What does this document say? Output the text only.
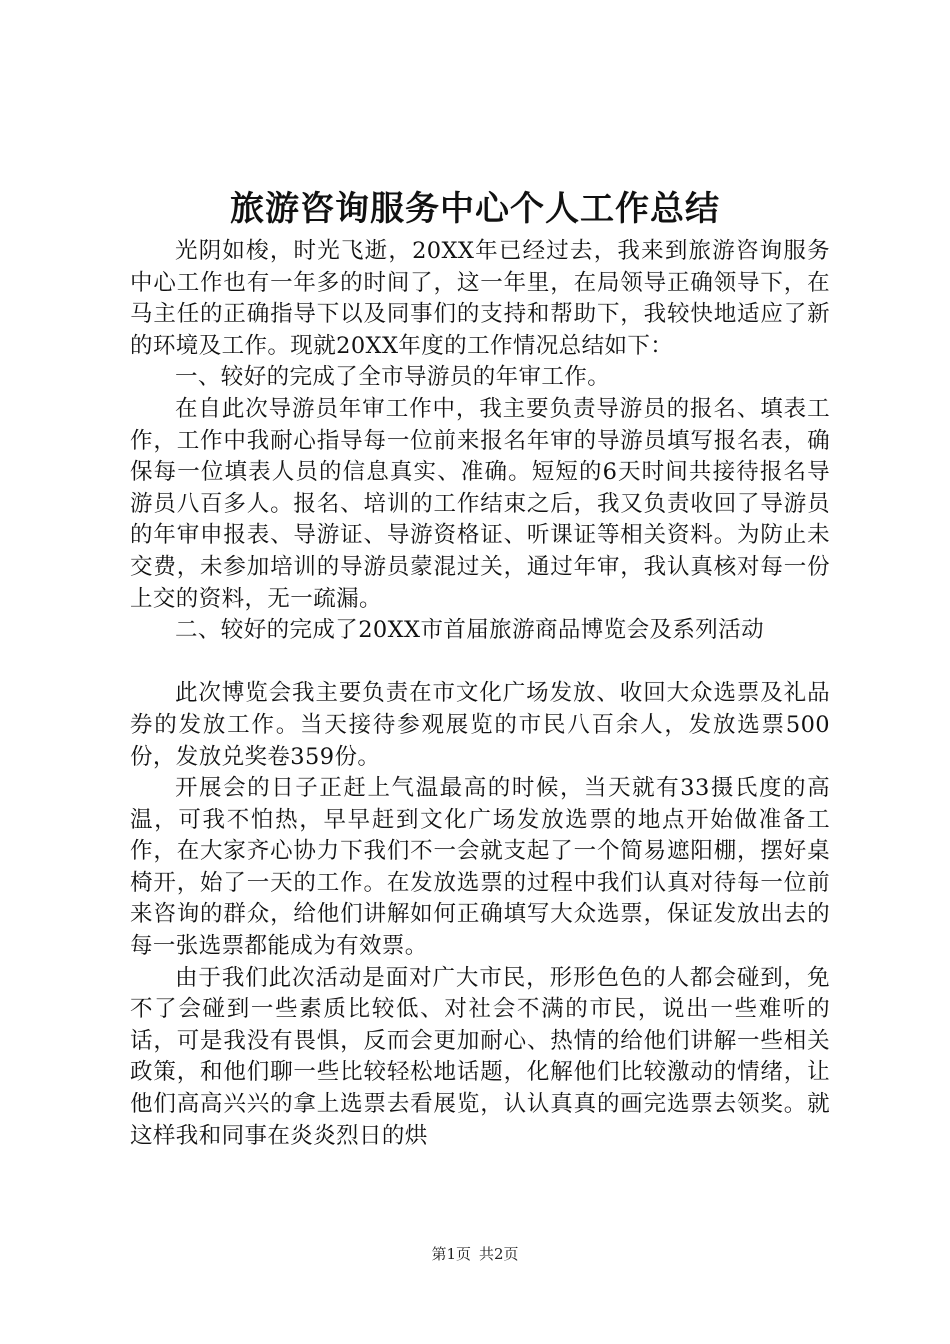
旅游咨询服务中心个人工作总结

光阴如梭，时光飞逝，20XX年已经过去，我来到旅游咨询服务中心工作也有一年多的时间了，这一年里，在局领导正确领导下，在马主任的正确指导下以及同事们的支持和帮助下，我较快地适应了新的环境及工作。现就20XX年度的工作情况总结如下：

一、较好的完成了全市导游员的年审工作。

在自此次导游员年审工作中，我主要负责导游员的报名、填表工作，工作中我耐心指导每一位前来报名年审的导游员填写报名表，确保每一位填表人员的信息真实、准确。短短的6天时间共接待报名导游员八百多人。报名、培训的工作结束之后，我又负责收回了导游员的年审申报表、导游证、导游资格证、听课证等相关资料。为防止未交费，未参加培训的导游员蒙混过关，通过年审，我认真核对每一份上交的资料，无一疏漏。

二、较好的完成了20XX市首届旅游商品博览会及系列活动

此次博览会我主要负责在市文化广场发放、收回大众选票及礼品券的发放工作。当天接待参观展览的市民八百余人，发放选票500份，发放兑奖卷359份。

开展会的日子正赶上气温最高的时候，当天就有33摄氏度的高温，可我不怕热，早早赶到文化广场发放选票的地点开始做准备工作，在大家齐心协力下我们不一会就支起了一个简易遮阳棚，摆好桌椅开，始了一天的工作。在发放选票的过程中我们认真对待每一位前来咨询的群众，给他们讲解如何正确填写大众选票，保证发放出去的每一张选票都能成为有效票。

由于我们此次活动是面对广大市民，形形色色的人都会碰到，免不了会碰到一些素质比较低、对社会不满的市民，说出一些难听的话，可是我没有畏惧，反而会更加耐心、热情的给他们讲解一些相关政策，和他们聊一些比较轻松地话题，化解他们比较激动的情绪，让他们高高兴兴的拿上选票去看展览，认认真真的画完选票去领奖。就这样我和同事在炎炎烈日的烘

第1页 共2页
